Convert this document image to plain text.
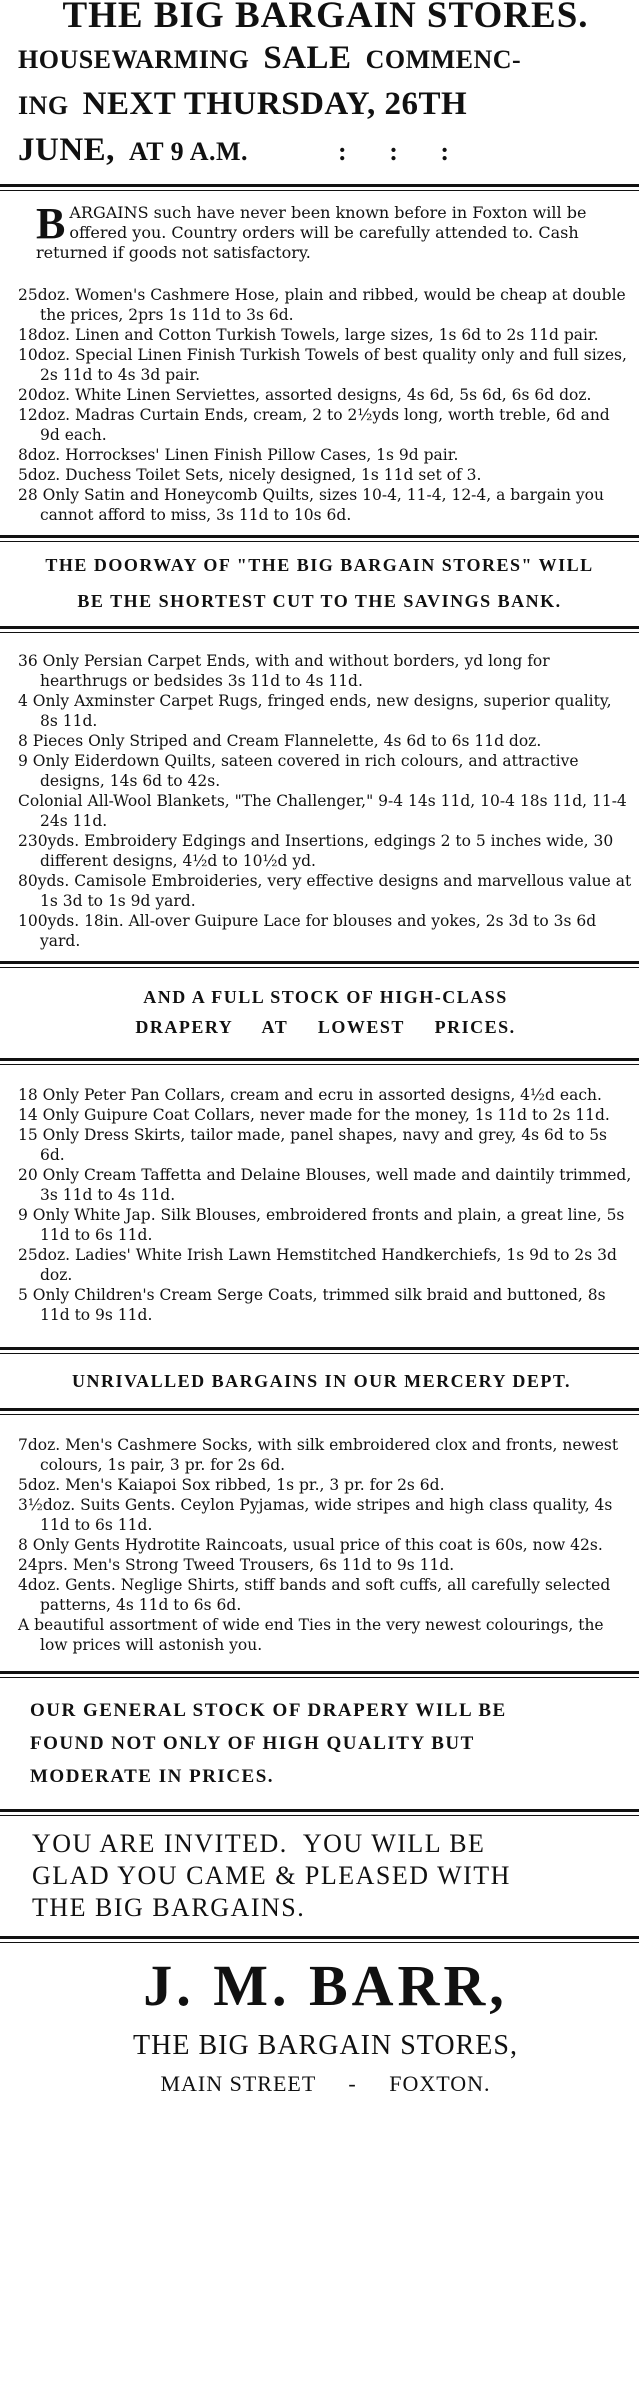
THE BIG BARGAIN STORES.
HOUSEWARMING SALE COMMENC-
ING NEXT THURSDAY, 26TH
JUNE, AT 9 A.M.	:      :      :
BARGAINS such have never been known before in Foxton will be offered you. Country orders will be carefully attended to. Cash returned if goods not satisfactory.
25doz. Women's Cashmere Hose, plain and ribbed, would be cheap at double the prices, 2prs 1s 11d to 3s 6d.
18doz. Linen and Cotton Turkish Towels, large sizes, 1s 6d to 2s 11d pair.
10doz. Special Linen Finish Turkish Towels of best quality only and full sizes, 2s 11d to 4s 3d pair.
20doz. White Linen Serviettes, assorted designs, 4s 6d, 5s 6d, 6s 6d doz.
12doz. Madras Curtain Ends, cream, 2 to 2½yds long, worth treble, 6d and 9d each.
8doz. Horrockses' Linen Finish Pillow Cases, 1s 9d pair.
5doz. Duchess Toilet Sets, nicely designed, 1s 11d set of 3.
28 Only Satin and Honeycomb Quilts, sizes 10-4, 11-4, 12-4, a bargain you cannot afford to miss, 3s 11d to 10s 6d.
THE DOORWAY OF "THE BIG BARGAIN STORES" WILL
BE THE SHORTEST CUT TO THE SAVINGS BANK.
36 Only Persian Carpet Ends, with and without borders, yd long for hearthrugs or bedsides 3s 11d to 4s 11d.
4 Only Axminster Carpet Rugs, fringed ends, new designs, superior quality, 8s 11d.
8 Pieces Only Striped and Cream Flannelette, 4s 6d to 6s 11d doz.
9 Only Eiderdown Quilts, sateen covered in rich colours, and attractive designs, 14s 6d to 42s.
Colonial All-Wool Blankets, "The Challenger," 9-4 14s 11d, 10-4 18s 11d, 11-4 24s 11d.
230yds. Embroidery Edgings and Insertions, edgings 2 to 5 inches wide, 30 different designs, 4½d to 10½d yd.
80yds. Camisole Embroideries, very effective designs and marvellous value at 1s 3d to 1s 9d yard.
100yds. 18in. All-over Guipure Lace for blouses and yokes, 2s 3d to 3s 6d yard.
AND A FULL STOCK OF HIGH-CLASS
DRAPERY     AT     LOWEST     PRICES.
18 Only Peter Pan Collars, cream and ecru in assorted designs, 4½d each.
14 Only Guipure Coat Collars, never made for the money, 1s 11d to 2s 11d.
15 Only Dress Skirts, tailor made, panel shapes, navy and grey, 4s 6d to 5s 6d.
20 Only Cream Taffetta and Delaine Blouses, well made and daintily trimmed, 3s 11d to 4s 11d.
9 Only White Jap. Silk Blouses, embroidered fronts and plain, a great line, 5s 11d to 6s 11d.
25doz. Ladies' White Irish Lawn Hemstitched Handkerchiefs, 1s 9d to 2s 3d doz.
5 Only Children's Cream Serge Coats, trimmed silk braid and buttoned, 8s 11d to 9s 11d.
UNRIVALLED BARGAINS IN OUR MERCERY DEPT.
7doz. Men's Cashmere Socks, with silk embroidered clox and fronts, newest colours, 1s pair, 3 pr. for 2s 6d.
5doz. Men's Kaiapoi Sox ribbed, 1s pr., 3 pr. for 2s 6d.
3½doz. Suits Gents. Ceylon Pyjamas, wide stripes and high class quality, 4s 11d to 6s 11d.
8 Only Gents Hydrotite Raincoats, usual price of this coat is 60s, now 42s.
24prs. Men's Strong Tweed Trousers, 6s 11d to 9s 11d.
4doz. Gents. Neglige Shirts, stiff bands and soft cuffs, all carefully selected patterns, 4s 11d to 6s 6d.
A beautiful assortment of wide end Ties in the very newest colourings, the low prices will astonish you.
OUR GENERAL STOCK OF DRAPERY WILL BE
FOUND NOT ONLY OF HIGH QUALITY BUT
MODERATE IN PRICES.
YOU ARE INVITED.  YOU WILL BE
GLAD YOU CAME & PLEASED WITH
THE BIG BARGAINS.
J. M. BARR,
THE BIG BARGAIN STORES,
MAIN STREET     -     FOXTON.
